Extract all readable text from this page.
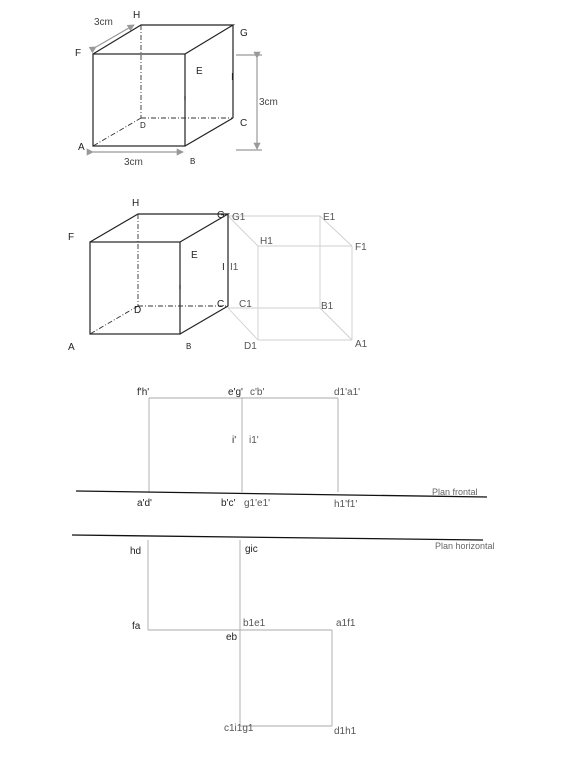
H
G
F
E
I
C
D
A
B
3cm
3cm
3cm
H
G
F
E
I
C
D
A	B
G1	E1
H1
F1
I1
C1	B1
D1	A1
f'h'	e'g' c'b'	d1'a1'
i' i1'
a'd'	b'c' g1'e1'	h1'f1'
Plan frontal
Plan horizontal
hd	gic
fa	b1e1	a1f1
eb
c1i1g1	d1h1
